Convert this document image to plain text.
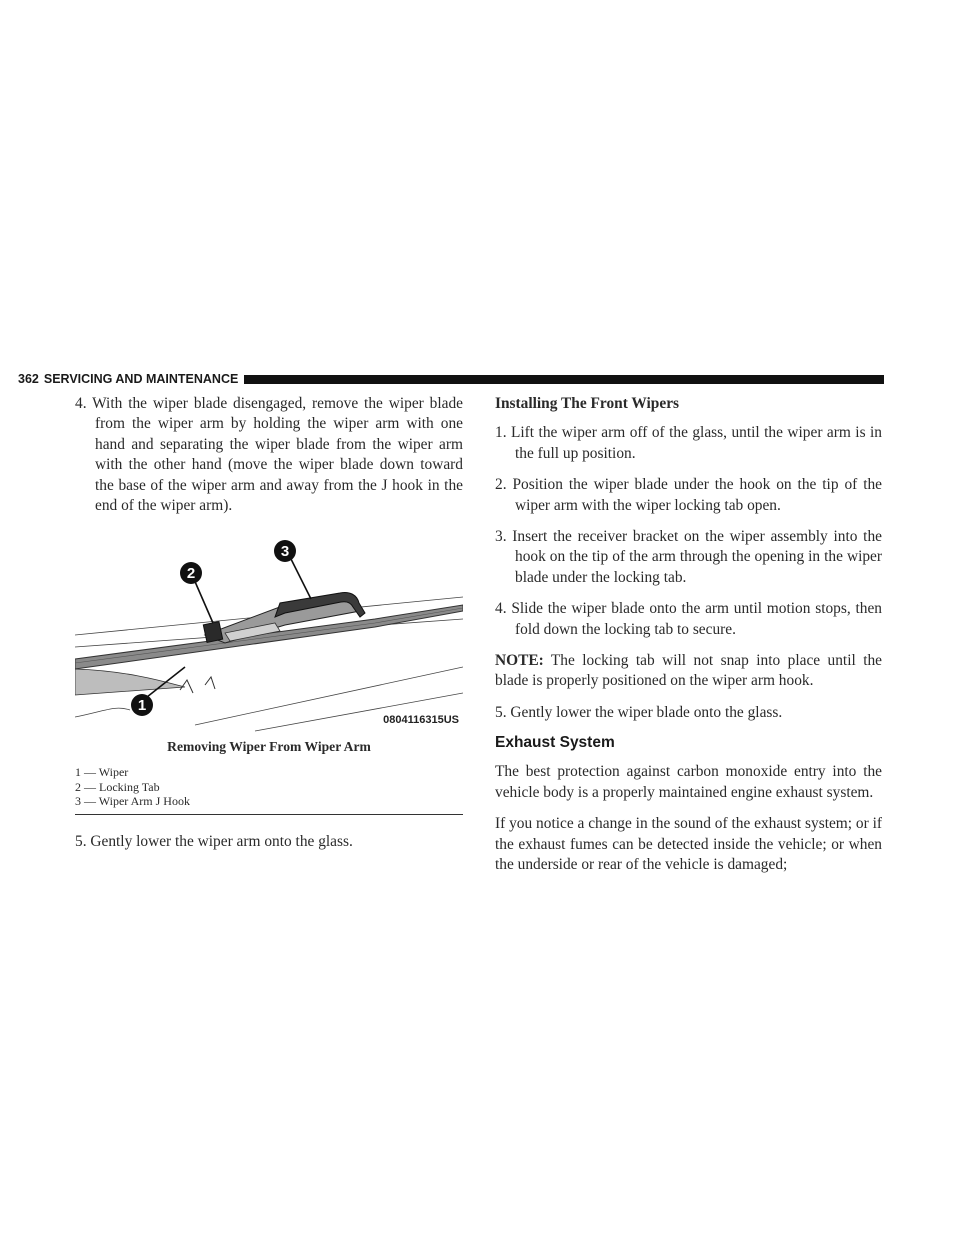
362 SERVICING AND MAINTENANCE

4. With the wiper blade disengaged, remove the wiper blade from the wiper arm by holding the wiper arm with one hand and separating the wiper blade from the wiper arm with the other hand (move the wiper blade down toward the base of the wiper arm and away from the J hook in the end of the wiper arm).

2
3
1
0804116315US
Removing Wiper From Wiper Arm
1 — Wiper
2 — Locking Tab
3 — Wiper Arm J Hook

5. Gently lower the wiper arm onto the glass.

Installing The Front Wipers

1. Lift the wiper arm off of the glass, until the wiper arm is in the full up position.

2. Position the wiper blade under the hook on the tip of the wiper arm with the wiper locking tab open.

3. Insert the receiver bracket on the wiper assembly into the hook on the tip of the arm through the opening in the wiper blade under the locking tab.

4. Slide the wiper blade onto the arm until motion stops, then fold down the locking tab to secure.

NOTE: The locking tab will not snap into place until the blade is properly positioned on the wiper arm hook.

5. Gently lower the wiper blade onto the glass.

Exhaust System

The best protection against carbon monoxide entry into the vehicle body is a properly maintained engine exhaust system.

If you notice a change in the sound of the exhaust system; or if the exhaust fumes can be detected inside the vehicle; or when the underside or rear of the vehicle is damaged;
